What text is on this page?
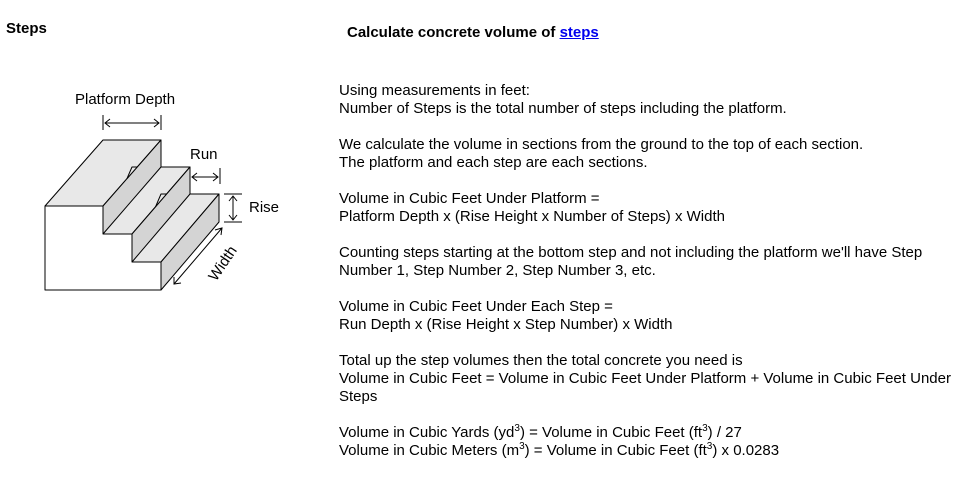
Steps
Platform Depth
Run
Rise
Width
Calculate concrete volume of steps

Using measurements in feet:
Number of Steps is the total number of steps including the platform.

We calculate the volume in sections from the ground to the top of each section.
The platform and each step are each sections.

Volume in Cubic Feet Under Platform =
Platform Depth x (Rise Height x Number of Steps) x Width

Counting steps starting at the bottom step and not including the platform we'll have Step Number 1, Step Number 2, Step Number 3, etc.

Volume in Cubic Feet Under Each Step =
Run Depth x (Rise Height x Step Number) x Width

Total up the step volumes then the total concrete you need is
Volume in Cubic Feet = Volume in Cubic Feet Under Platform + Volume in Cubic Feet Under Steps

Volume in Cubic Yards $(yd^3)$ = Volume in Cubic Feet $(ft^3) / 27$
Volume in Cubic Meters $(m^3)$ = Volume in Cubic Feet $(ft^3)$ x 0.0283
